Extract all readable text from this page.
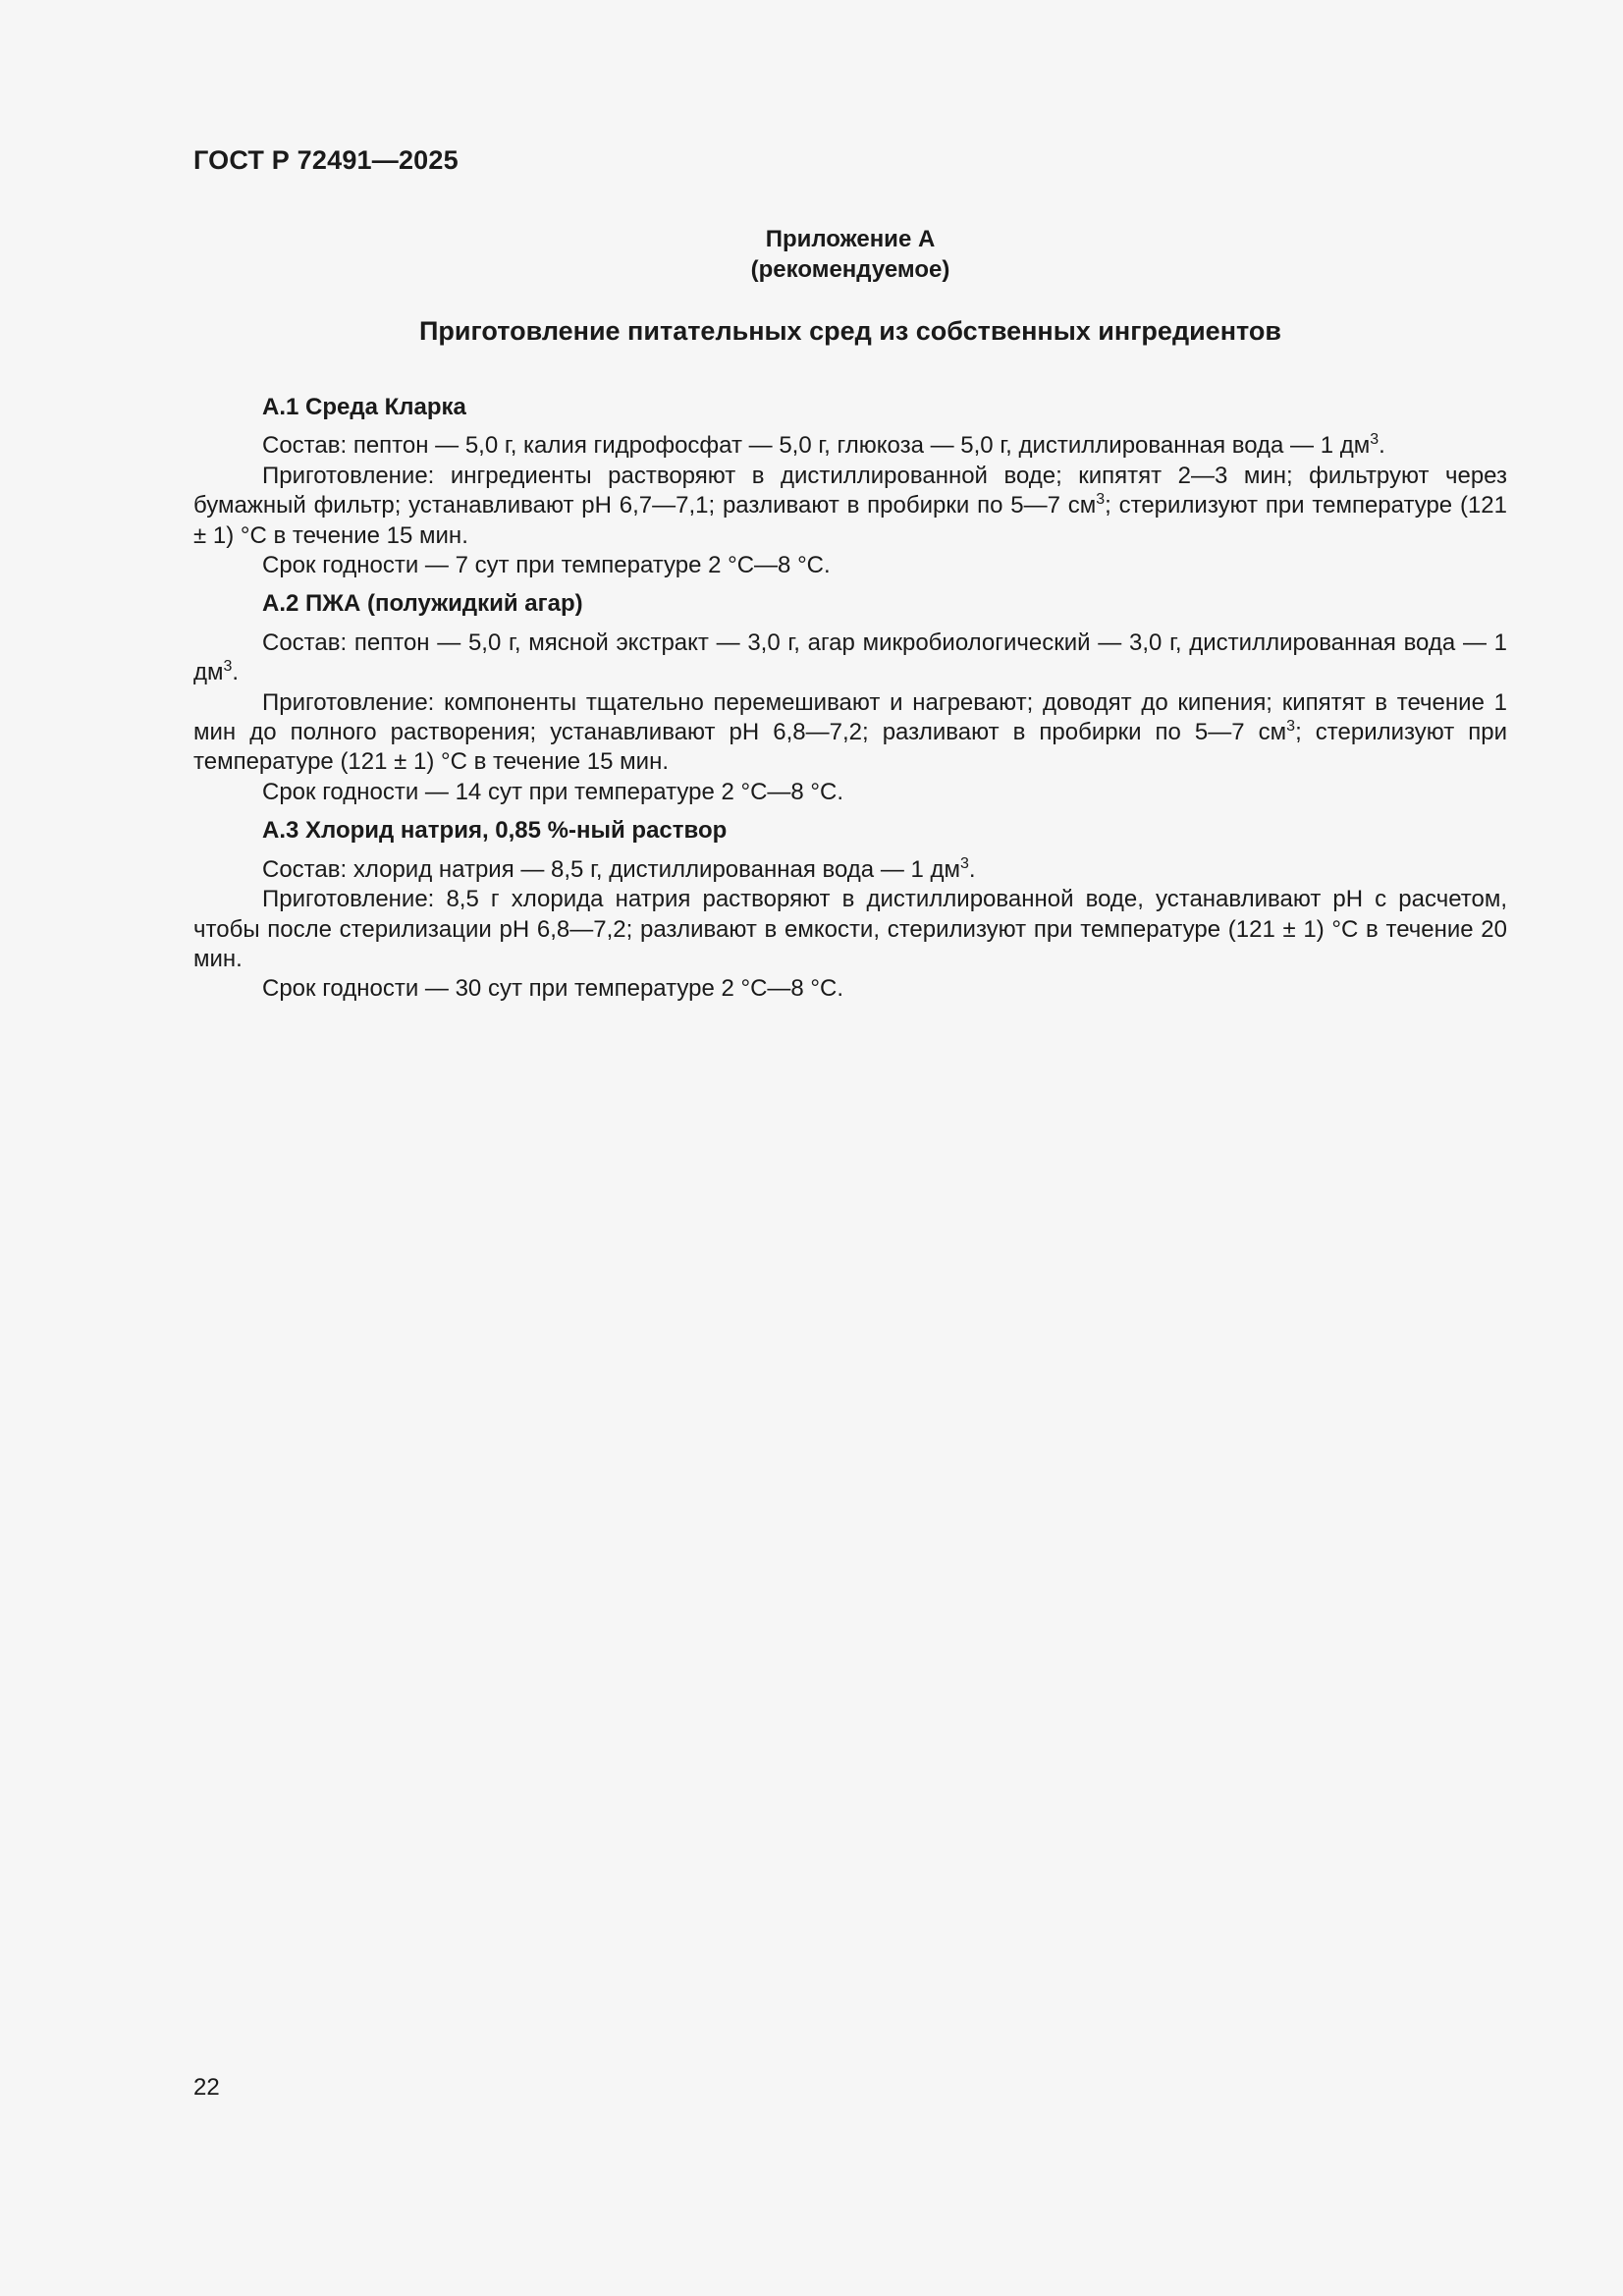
ГОСТ Р 72491—2025
Приложение А
(рекомендуемое)
Приготовление питательных сред из собственных ингредиентов
А.1 Среда Кларка

Состав: пептон — 5,0 г, калия гидрофосфат — 5,0 г, глюкоза — 5,0 г, дистиллированная вода — 1 $дм^3$.

Приготовление: ингредиенты растворяют в дистиллированной воде; кипятят 2—3 мин; фильтруют через бумажный фильтр; устанавливают рН 6,7—7,1; разливают в пробирки по 5—7 $см^3$; стерилизуют при температуре (121 ± 1) °С в течение 15 мин.

Срок годности — 7 сут при температуре 2 °С—8 °С.

А.2 ПЖА (полужидкий агар)

Состав: пептон — 5,0 г, мясной экстракт — 3,0 г, агар микробиологический — 3,0 г, дистиллированная вода — 1 $дм^3$.

Приготовление: компоненты тщательно перемешивают и нагревают; доводят до кипения; кипятят в течение 1 мин до полного растворения; устанавливают рН 6,8—7,2; разливают в пробирки по 5—7 $см^3$; стерилизуют при температуре (121 ± 1) °С в течение 15 мин.

Срок годности — 14 сут при температуре 2 °С—8 °С.

А.3 Хлорид натрия, 0,85 %-ный раствор

Состав: хлорид натрия — 8,5 г, дистиллированная вода — 1 $дм^3$.

Приготовление: 8,5 г хлорида натрия растворяют в дистиллированной воде, устанавливают рН с расчетом, чтобы после стерилизации рН 6,8—7,2; разливают в емкости, стерилизуют при температуре (121 ± 1) °С в течение 20 мин.

Срок годности — 30 сут при температуре 2 °С—8 °С.

22
